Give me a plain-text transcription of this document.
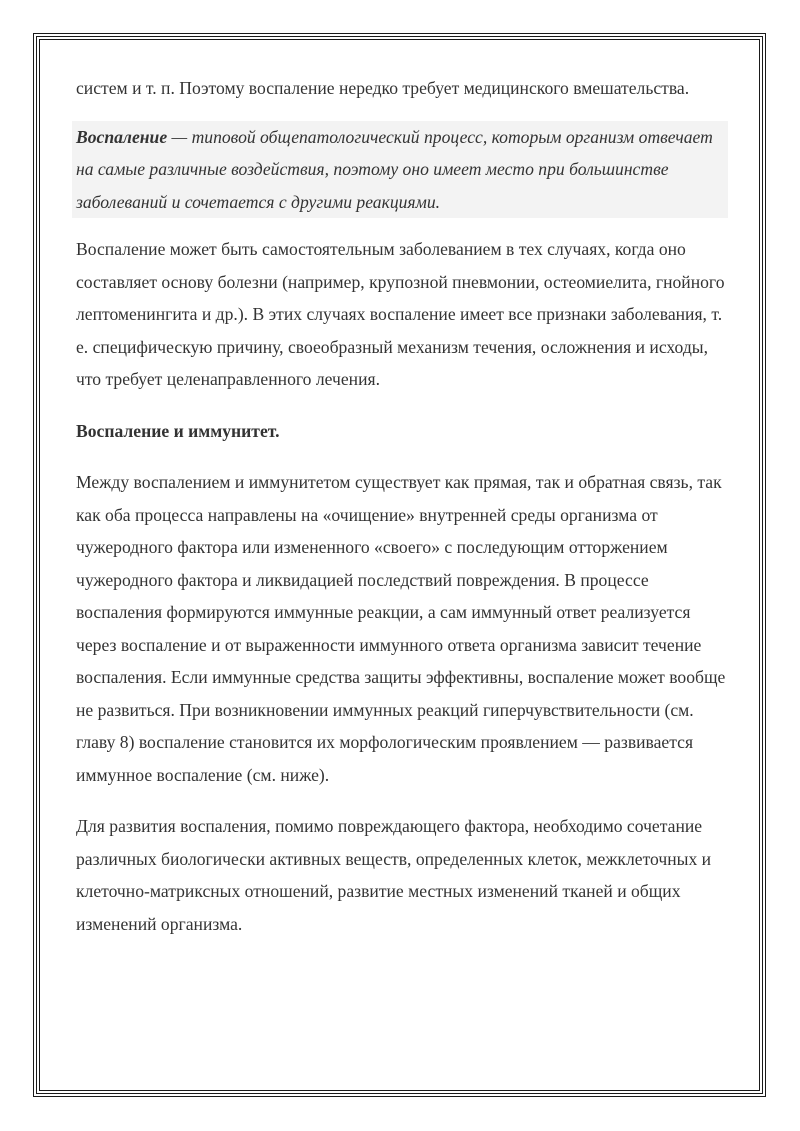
систем и т. п. Поэтому воспаление нередко требует медицинского вмешательства.

Воспаление — типовой общепатологический процесс, которым организм отвечает на самые различные воздействия, поэтому оно имеет место при большинстве заболеваний и сочетается с другими реакциями.

Воспаление может быть самостоятельным заболеванием в тех случаях, когда оно составляет основу болезни (например, крупозной пневмонии, остеомиелита, гнойного лептоменингита и др.). В этих случаях воспаление имеет все признаки заболевания, т. е. специфическую причину, своеобразный механизм течения, осложнения и исходы, что требует целенаправленного лечения.

Воспаление и иммунитет.

Между воспалением и иммунитетом существует как прямая, так и обратная связь, так как оба процесса направлены на «очищение» внутренней среды организма от чужеродного фактора или измененного «своего» с последующим отторжением чужеродного фактора и ликвидацией последствий повреждения. В процессе воспаления формируются иммунные реакции, а сам иммунный ответ реализуется через воспаление и от выраженности иммунного ответа организма зависит течение воспаления. Если иммунные средства защиты эффективны, воспаление может вообще не развиться. При возникновении иммунных реакций гиперчувствительности (см. главу 8) воспаление становится их морфологическим проявлением — развивается иммунное воспаление (см. ниже).

Для развития воспаления, помимо повреждающего фактора, необходимо сочетание различных биологически активных веществ, определенных клеток, межклеточных и клеточно-матриксных отношений, развитие местных изменений тканей и общих изменений организма.
